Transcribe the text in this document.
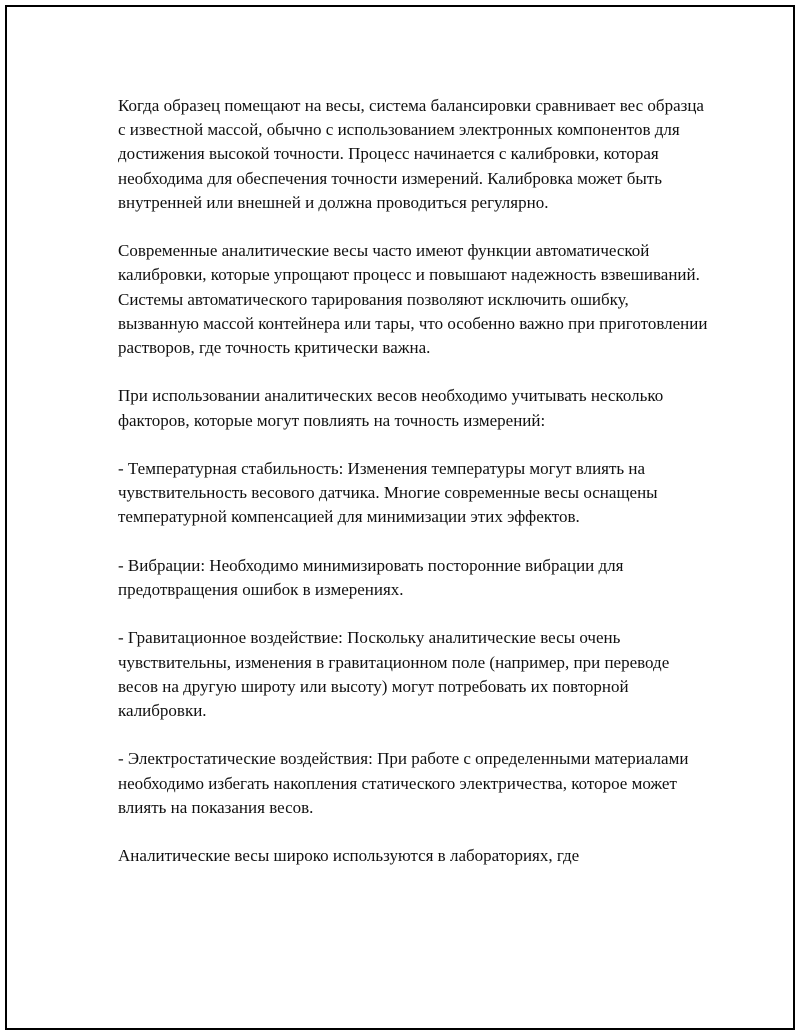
Когда образец помещают на весы, система балансировки сравнивает вес образца с известной массой, обычно с использованием электронных компонентов для достижения высокой точности. Процесс начинается с калибровки, которая необходима для обеспечения точности измерений. Калибровка может быть внутренней или внешней и должна проводиться регулярно.

Современные аналитические весы часто имеют функции автоматической калибровки, которые упрощают процесс и повышают надежность взвешиваний. Системы автоматического тарирования позволяют исключить ошибку, вызванную массой контейнера или тары, что особенно важно при приготовлении растворов, где точность критически важна.

При использовании аналитических весов необходимо учитывать несколько факторов, которые могут повлиять на точность измерений:

- Температурная стабильность: Изменения температуры могут влиять на чувствительность весового датчика. Многие современные весы оснащены температурной компенсацией для минимизации этих эффектов.

- Вибрации: Необходимо минимизировать посторонние вибрации для предотвращения ошибок в измерениях.

- Гравитационное воздействие: Поскольку аналитические весы очень чувствительны, изменения в гравитационном поле (например, при переводе весов на другую широту или высоту) могут потребовать их повторной калибровки.

- Электростатические воздействия: При работе с определенными материалами необходимо избегать накопления статического электричества, которое может влиять на показания весов.

Аналитические весы широко используются в лабораториях, где
